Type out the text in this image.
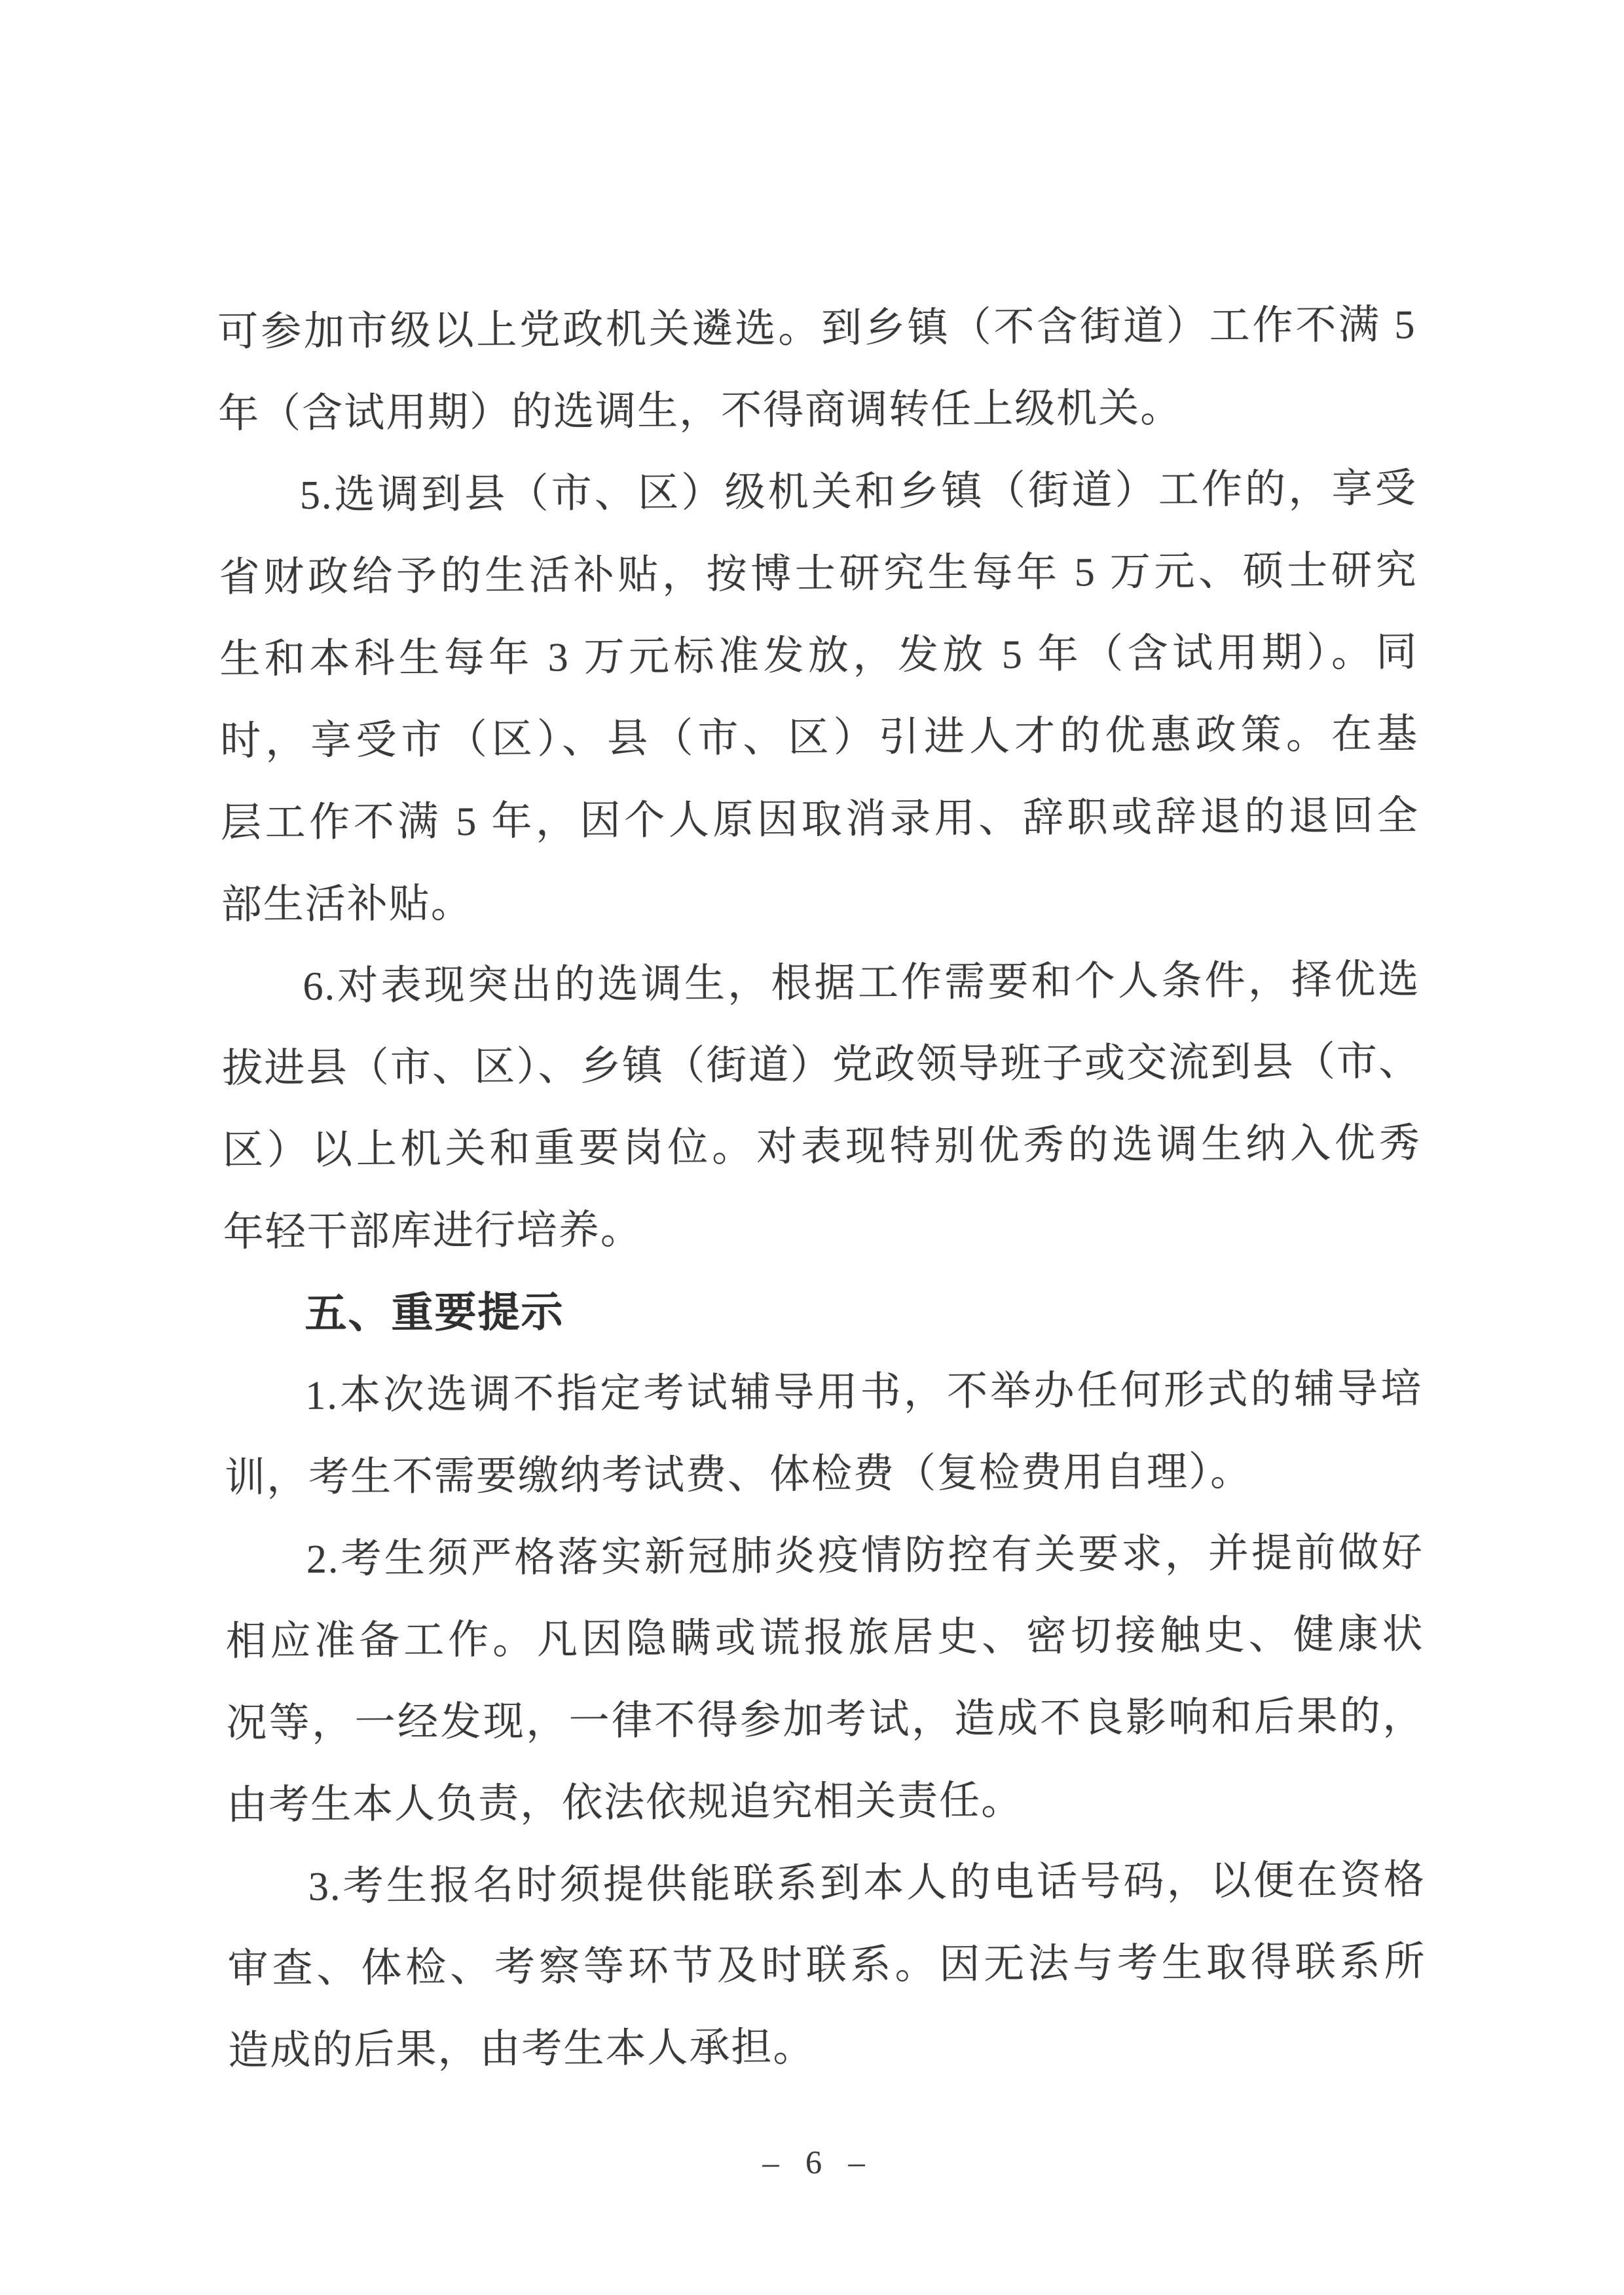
可参加市级以上党政机关遴选。到乡镇（不含街道）工作不满 5
年（含试用期）的选调生，不得商调转任上级机关。
5.选调到县（市、区）级机关和乡镇（街道）工作的，享受
省财政给予的生活补贴，按博士研究生每年 5 万元、硕士研究
生和本科生每年 3 万元标准发放，发放 5 年（含试用期）。同
时，享受市（区）、县（市、区）引进人才的优惠政策。在基
层工作不满 5 年，因个人原因取消录用、辞职或辞退的退回全
部生活补贴。
6.对表现突出的选调生，根据工作需要和个人条件，择优选
拔进县（市、区）、乡镇（街道）党政领导班子或交流到县（市、
区）以上机关和重要岗位。对表现特别优秀的选调生纳入优秀
年轻干部库进行培养。
五、重要提示
1.本次选调不指定考试辅导用书，不举办任何形式的辅导培
训，考生不需要缴纳考试费、体检费（复检费用自理）。
2.考生须严格落实新冠肺炎疫情防控有关要求，并提前做好
相应准备工作。凡因隐瞒或谎报旅居史、密切接触史、健康状
况等，一经发现，一律不得参加考试，造成不良影响和后果的，
由考生本人负责，依法依规追究相关责任。
3.考生报名时须提供能联系到本人的电话号码，以便在资格
审查、体检、考察等环节及时联系。因无法与考生取得联系所
造成的后果，由考生本人承担。
– 6 –
